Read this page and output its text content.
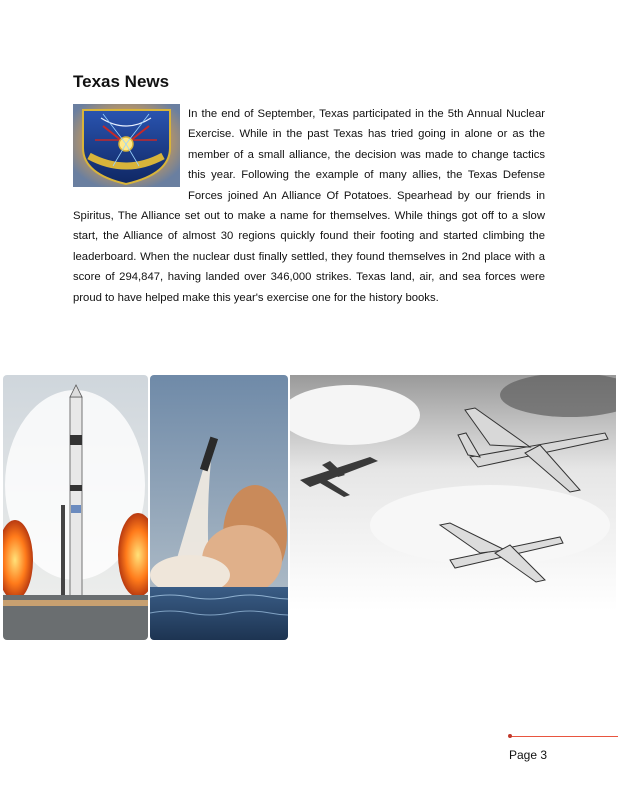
Texas News
In the end of September, Texas participated in the 5th Annual Nuclear Exercise. While in the past Texas has tried going in alone or as the member of a small alliance, the decision was made to change tactics this year. Following the example of many allies, the Texas Defense Forces joined An Alliance Of Potatoes. Spearhead by our friends in Spiritus, The Alliance set out to make a name for themselves. While things got off to a slow start, the Alliance of almost 30 regions quickly found their footing and started climbing the leaderboard. When the nuclear dust finally settled, they found themselves in 2nd place with a score of 294,847, having landed over 346,000 strikes. Texas land, air, and sea forces were proud to have helped make this year's exercise one for the history books.
Page 3
